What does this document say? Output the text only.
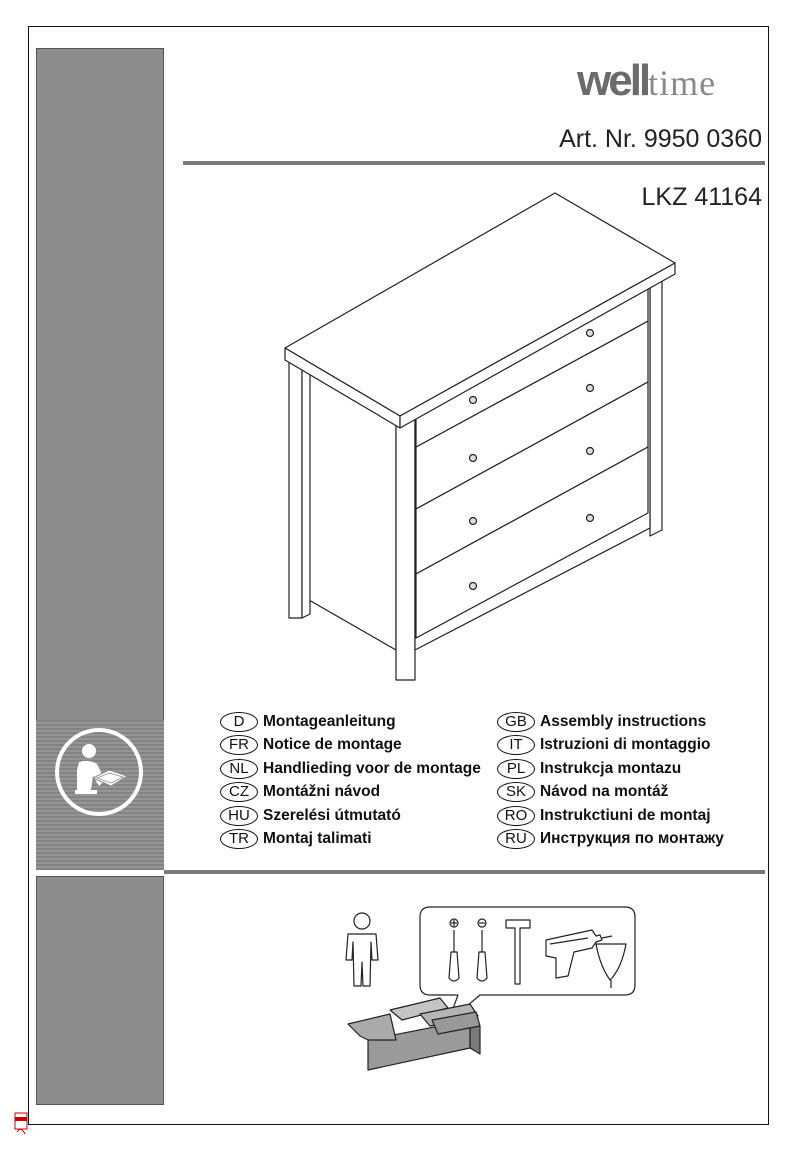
welltime
Art. Nr. 9950 0360
LKZ 41164
D	Montageanleitung
FR Notice de montage
NL Handlieding voor de montage
CZ Montážni návod
HU Szerelési útmutató
TR Montaj talimati
GB Assembly instructions
IT	Istruzioni di montaggio
PL Instrukcja montazu
SK Návod na montáž
RO Instrukctiuni de montaj
RU Инструкция по монтажу
